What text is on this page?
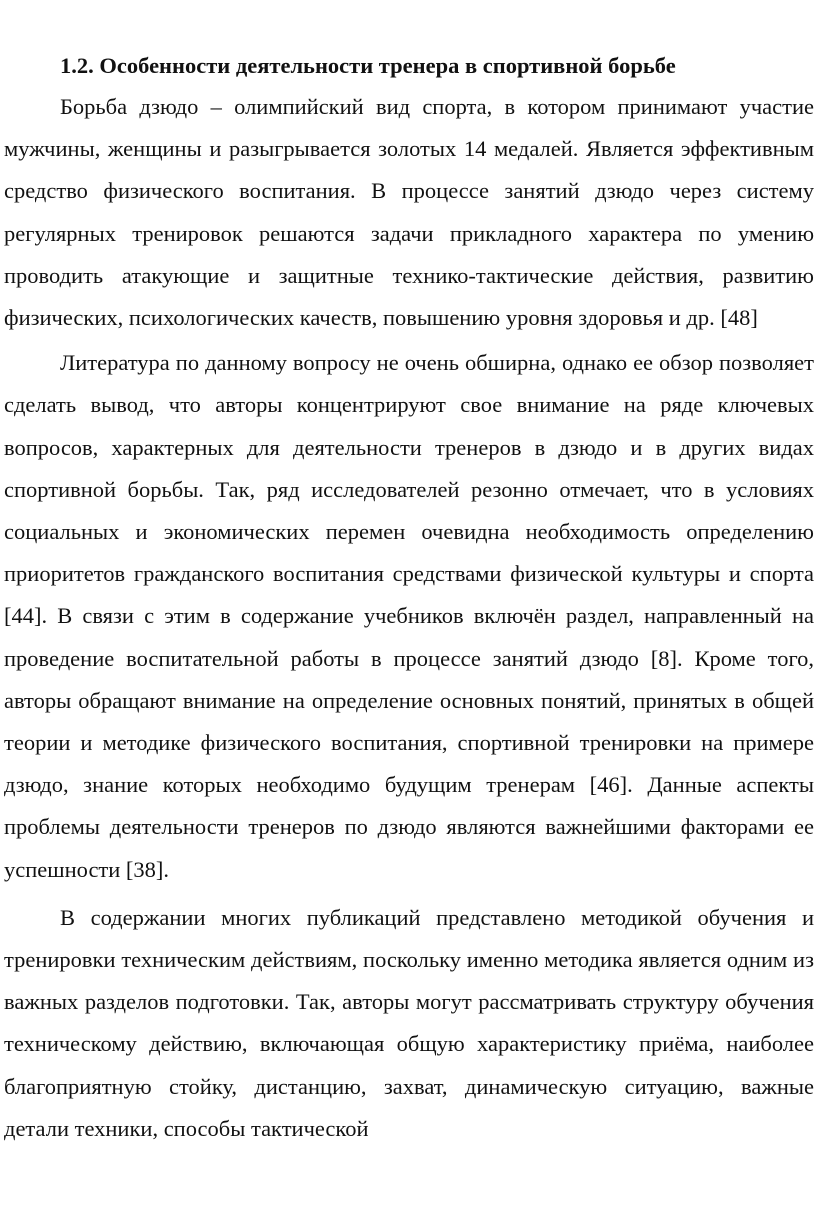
1.2. Особенности деятельности тренера в спортивной борьбе

Борьба дзюдо – олимпийский вид спорта, в котором принимают участие мужчины, женщины и разыгрывается золотых 14 медалей. Является эффективным средство физического воспитания. В процессе занятий дзюдо через систему регулярных тренировок решаются задачи прикладного характера по умению проводить атакующие и защитные технико-тактические действия, развитию физических, психологических качеств, повышению уровня здоровья и др. [48]

Литература по данному вопросу не очень обширна, однако ее обзор позволяет сделать вывод, что авторы концентрируют свое внимание на ряде ключевых вопросов, характерных для деятельности тренеров в дзюдо и в других видах спортивной борьбы. Так, ряд исследователей резонно отмечает, что в условиях социальных и экономических перемен очевидна необходимость определению приоритетов гражданского воспитания средствами физической культуры и спорта [44]. В связи с этим в содержание учебников включён раздел, направленный на проведение воспитательной работы в процессе занятий дзюдо [8]. Кроме того, авторы обращают внимание на определение основных понятий, принятых в общей теории и методике физического воспитания, спортивной тренировки на примере дзюдо, знание которых необходимо будущим тренерам [46]. Данные аспекты проблемы деятельности тренеров по дзюдо являются важнейшими факторами ее успешности [38].

В содержании многих публикаций представлено методикой обучения и тренировки техническим действиям, поскольку именно методика является одним из важных разделов подготовки. Так, авторы могут рассматривать структуру обучения техническому действию, включающая общую характеристику приёма, наиболее благоприятную стойку, дистанцию, захват, динамическую ситуацию, важные детали техники, способы тактической
